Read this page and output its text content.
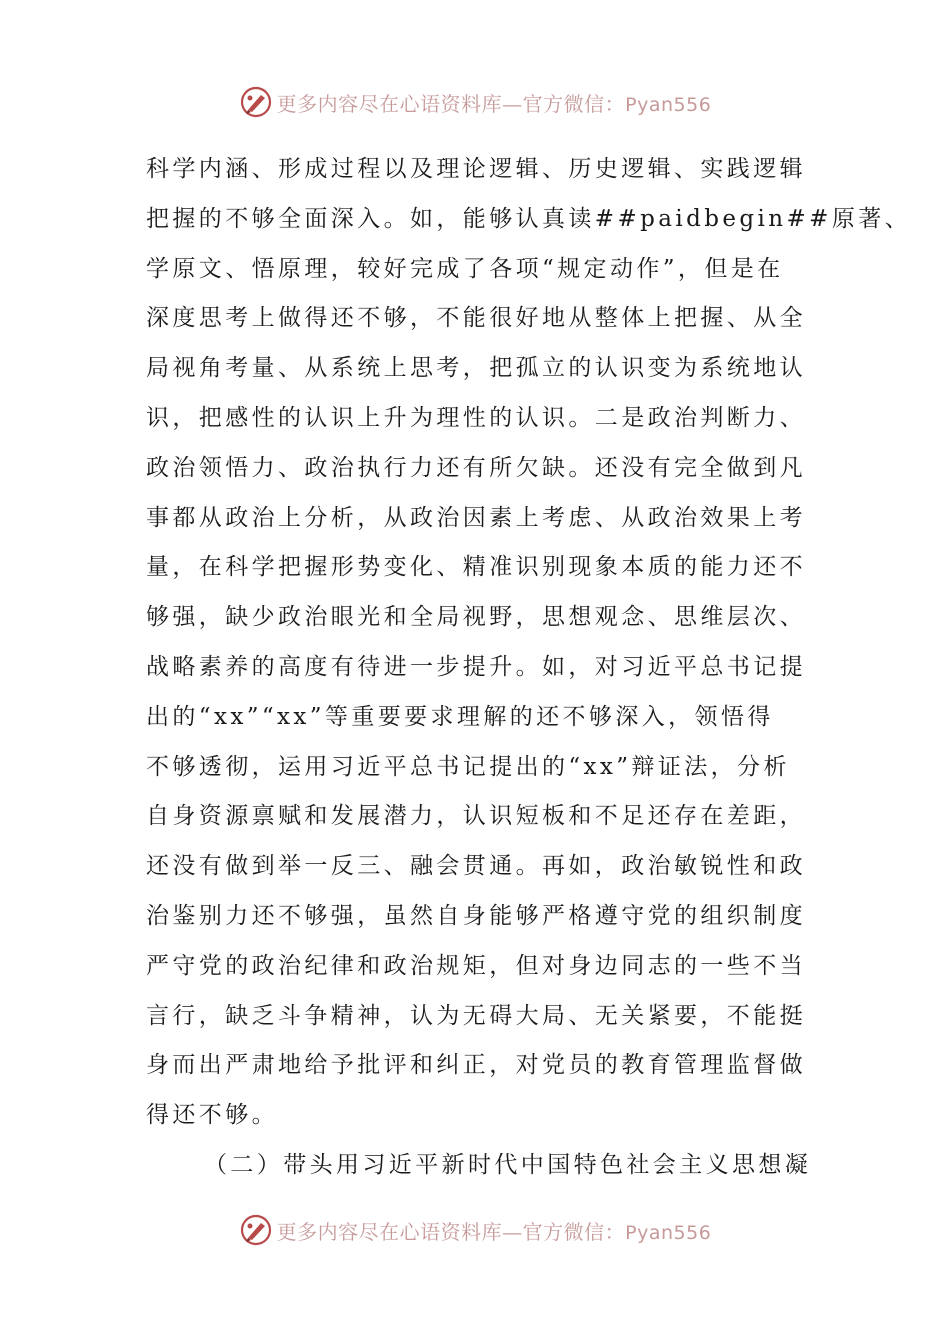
更多内容尽在心语资料库—官方微信：Pyan556
科学内涵、形成过程以及理论逻辑、历史逻辑、实践逻辑
把握的不够全面深入。如，能够认真读##paidbegin##原著、
学原文、悟原理，较好完成了各项“规定动作”，但是在
深度思考上做得还不够，不能很好地从整体上把握、从全
局视角考量、从系统上思考，把孤立的认识变为系统地认
识，把感性的认识上升为理性的认识。二是政治判断力、
政治领悟力、政治执行力还有所欠缺。还没有完全做到凡
事都从政治上分析，从政治因素上考虑、从政治效果上考
量，在科学把握形势变化、精准识别现象本质的能力还不
够强，缺少政治眼光和全局视野，思想观念、思维层次、
战略素养的高度有待进一步提升。如，对习近平总书记提
出的“xx”“xx”等重要要求理解的还不够深入，领悟得
不够透彻，运用习近平总书记提出的“xx”辩证法，分析
自身资源禀赋和发展潜力，认识短板和不足还存在差距，
还没有做到举一反三、融会贯通。再如，政治敏锐性和政
治鉴别力还不够强，虽然自身能够严格遵守党的组织制度
严守党的政治纪律和政治规矩，但对身边同志的一些不当
言行，缺乏斗争精神，认为无碍大局、无关紧要，不能挺
身而出严肃地给予批评和纠正，对党员的教育管理监督做
得还不够。
（二）带头用习近平新时代中国特色社会主义思想凝
更多内容尽在心语资料库—官方微信：Pyan556
